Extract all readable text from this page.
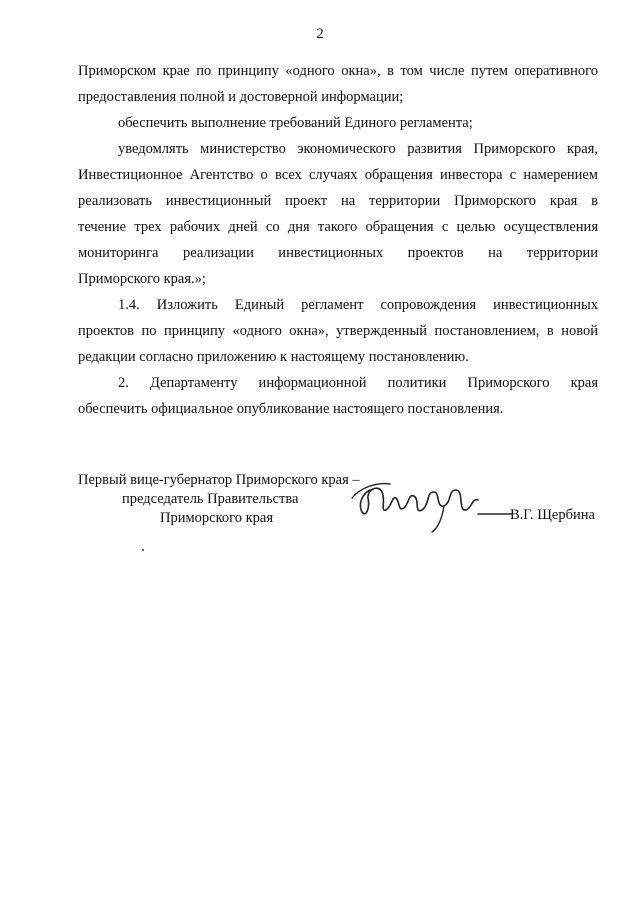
2
Приморском крае по принципу «одного окна», в том числе путем оперативного
предоставления полной и достоверной информации;
обеспечить выполнение требований Единого регламента;
уведомлять министерство экономического развития Приморского края,
Инвестиционное Агентство о всех случаях обращения инвестора с намерением
реализовать инвестиционный проект на территории Приморского края в
течение трех рабочих дней со дня такого обращения с целью осуществления
мониторинга реализации инвестиционных проектов на территории
Приморского края.»;
1.4. Изложить Единый регламент сопровождения инвестиционных
проектов по принципу «одного окна», утвержденный постановлением, в новой
редакции согласно приложению к настоящему постановлению.
2. Департаменту информационной политики Приморского края
обеспечить официальное опубликование настоящего постановления.
Первый вице-губернатор Приморского края –
председатель Правительства
Приморского края	В.Г. Щербина
